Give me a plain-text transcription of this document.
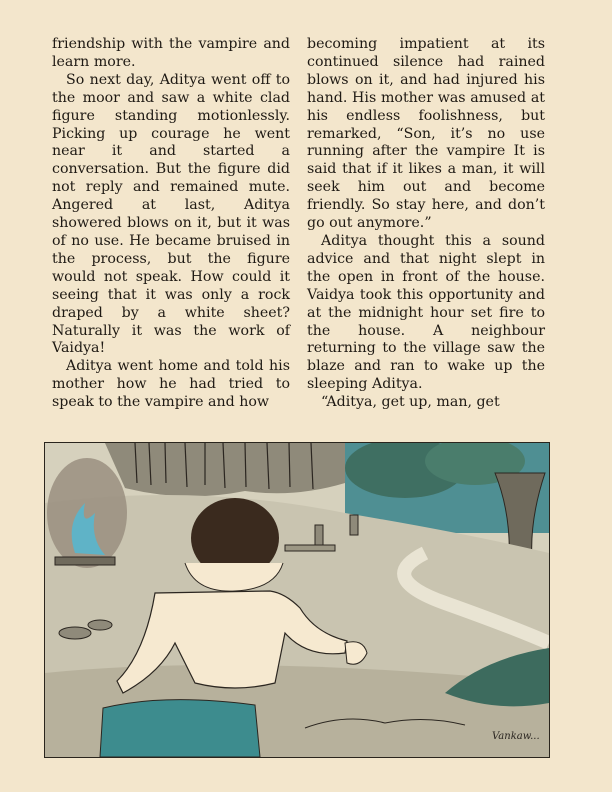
friendship with the vampire and learn more.

So next day, Aditya went off to the moor and saw a white clad figure standing motionlessly. Picking up courage he went near it and started a conversation. But the figure did not reply and remained mute. Angered at last, Aditya showered blows on it, but it was of no use. He became bruised in the process, but the figure would not speak. How could it seeing that it was only a rock draped by a white sheet? Naturally it was the work of Vaidya!

Aditya went home and told his mother how he had tried to speak to the vampire and how

becoming impatient at its continued silence had rained blows on it, and had injured his hand. His mother was amused at his endless foolishness, but remarked, “Son, it’s no use running after the vampire It is said that if it likes a man, it will seek him out and become friendly. So stay here, and don’t go out anymore.”

Aditya thought this a sound advice and that night slept in the open in front of the house. Vaidya took this opportunity and at the midnight hour set fire to the house. A neighbour returning to the village saw the blaze and ran to wake up the sleeping Aditya.

“Aditya, get up, man, get

Vankaw...
